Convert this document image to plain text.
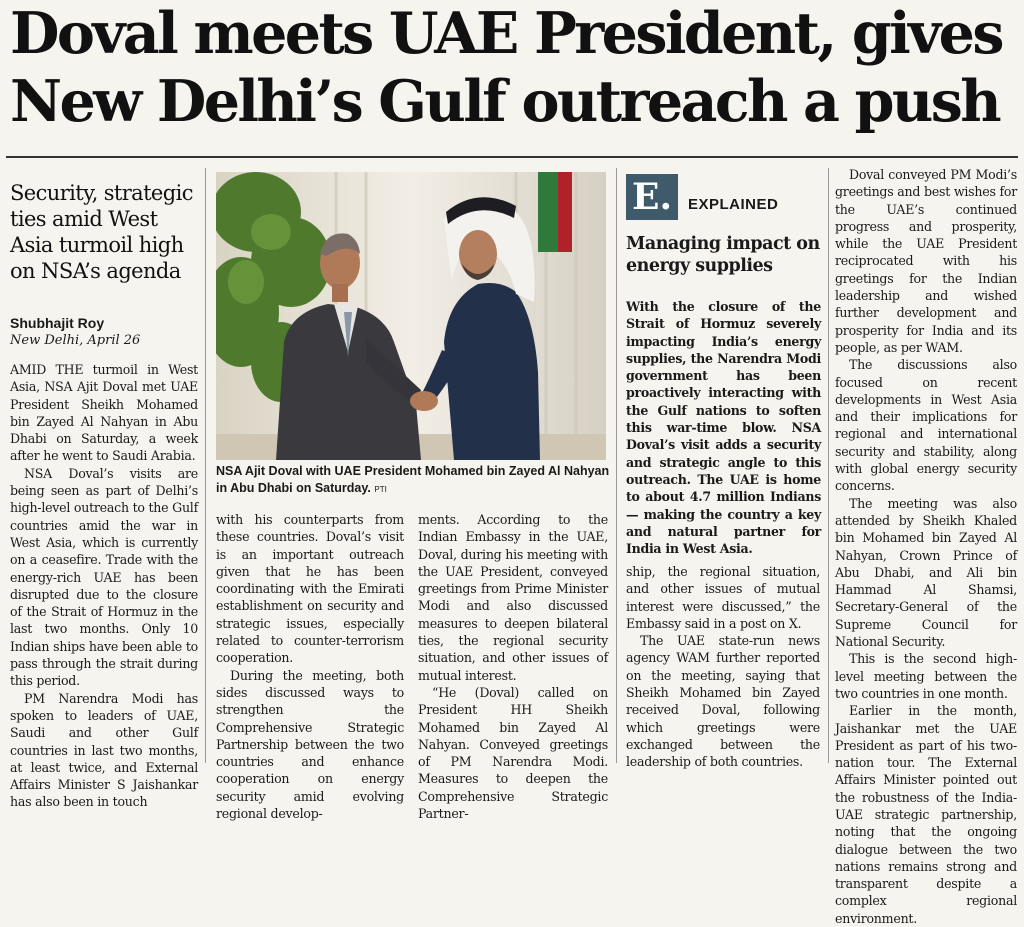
Doval meets UAE President, gives
New Delhi’s Gulf outreach a push
Security, strategic ties amid West Asia turmoil high on NSA’s agenda
Shubhajit Roy
New Delhi, April 26

AMID THE turmoil in West Asia, NSA Ajit Doval met UAE President Sheikh Mohamed bin Zayed Al Nahyan in Abu Dhabi on Saturday, a week after he went to Saudi Arabia.

NSA Doval’s visits are being seen as part of Delhi’s high-level outreach to the Gulf countries amid the war in West Asia, which is currently on a ceasefire. Trade with the energy-rich UAE has been disrupted due to the closure of the Strait of Hormuz in the last two months. Only 10 Indian ships have been able to pass through the strait during this period.

PM Narendra Modi has spoken to leaders of UAE, Saudi and other Gulf countries in last two months, at least twice, and External Affairs Minister S Jaishankar has also been in touch

NSA Ajit Doval with UAE President Mohamed bin Zayed Al Nahyan in Abu Dhabi on Saturday. PTI

with his counterparts from these countries. Doval’s visit is an important outreach given that he has been coordinating with the Emirati establishment on security and strategic issues, especially related to counter-terrorism cooperation.

During the meeting, both sides discussed ways to strengthen the Comprehensive Strategic Partnership between the two countries and enhance cooperation on energy security amid evolving regional develop-

ments. According to the Indian Embassy in the UAE, Doval, during his meeting with the UAE President, conveyed greetings from Prime Minister Modi and also discussed measures to deepen bilateral ties, the regional security situation, and other issues of mutual interest.

“He (Doval) called on President HH Sheikh Mohamed bin Zayed Al Nahyan. Conveyed greetings of PM Narendra Modi. Measures to deepen the Comprehensive Strategic Partner-

E.	EXPLAINED
Managing impact on energy supplies
With the closure of the Strait of Hormuz severely impacting India’s energy supplies, the Narendra Modi government has been proactively interacting with the Gulf nations to soften this war-time blow. NSA Doval’s visit adds a security and strategic angle to this outreach. The UAE is home to about 4.7 million Indians — making the country a key and natural partner for India in West Asia.

ship, the regional situation, and other issues of mutual interest were discussed,” the Embassy said in a post on X.

The UAE state-run news agency WAM further reported on the meeting, saying that Sheikh Mohamed bin Zayed received Doval, following which greetings were exchanged between the leadership of both countries.

Doval conveyed PM Modi’s greetings and best wishes for the UAE’s continued progress and prosperity, while the UAE President reciprocated with his greetings for the Indian leadership and wished further development and prosperity for India and its people, as per WAM.

The discussions also focused on recent developments in West Asia and their implications for regional and international security and stability, along with global energy security concerns.

The meeting was also attended by Sheikh Khaled bin Mohamed bin Zayed Al Nahyan, Crown Prince of Abu Dhabi, and Ali bin Hammad Al Shamsi, Secretary-General of the Supreme Council for National Security.

This is the second high-level meeting between the two countries in one month.

Earlier in the month, Jaishankar met the UAE President as part of his two-nation tour. The External Affairs Minister pointed out the robustness of the India-UAE strategic partnership, noting that the ongoing dialogue between the two nations remains strong and transparent despite a complex regional environment.
